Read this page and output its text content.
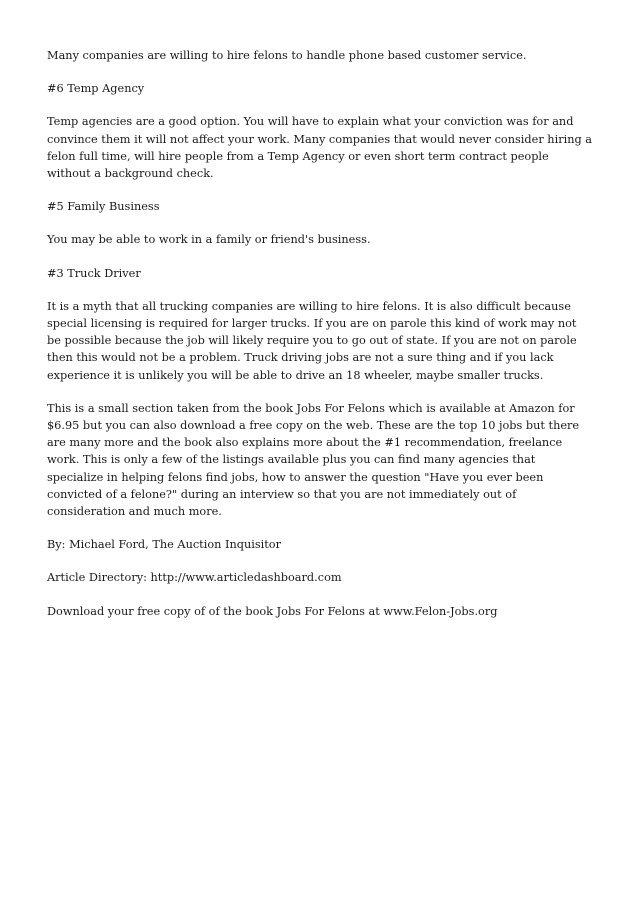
Many companies are willing to hire felons to handle phone based customer service.

#6 Temp Agency

Temp agencies are a good option. You will have to explain what your conviction was for and convince them it will not affect your work. Many companies that would never consider hiring a felon full time, will hire people from a Temp Agency or even short term contract people without a background check.

#5 Family Business

You may be able to work in a family or friend's business.

#3 Truck Driver

It is a myth that all trucking companies are willing to hire felons. It is also difficult because special licensing is required for larger trucks. If you are on parole this kind of work may not be possible because the job will likely require you to go out of state. If you are not on parole then this would not be a problem. Truck driving jobs are not a sure thing and if you lack experience it is unlikely you will be able to drive an 18 wheeler, maybe smaller trucks.

This is a small section taken from the book Jobs For Felons which is available at Amazon for $6.95 but you can also download a free copy on the web. These are the top 10 jobs but there are many more and the book also explains more about the #1 recommendation, freelance work. This is only a few of the listings available plus you can find many agencies that specialize in helping felons find jobs, how to answer the question "Have you ever been convicted of a felone?" during an interview so that you are not immediately out of consideration and much more.

By: Michael Ford, The Auction Inquisitor

Article Directory: http://www.articledashboard.com

Download your free copy of of the book Jobs For Felons at www.Felon-Jobs.org
